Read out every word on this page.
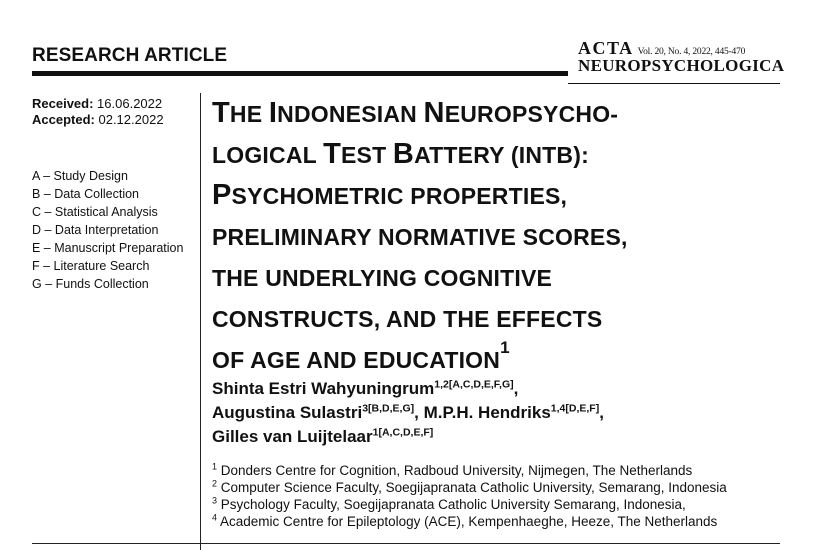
RESEARCH ARTICLE	ACTA Vol. 20, No. 4, 2022, 445-470
NEUROPSYCHOLOGICA
Received: 16.06.2022
Accepted: 02.12.2022
A – Study Design
B – Data Collection
C – Statistical Analysis
D – Data Interpretation
E – Manuscript Preparation
F – Literature Search
G – Funds Collection
THE INDONESIAN NEUROPSYCHO-
LOGICAL TEST BATTERY (INTB):
PSYCHOMETRIC PROPERTIES,
PRELIMINARY NORMATIVE SCORES,
THE UNDERLYING COGNITIVE
CONSTRUCTS, AND THE EFFECTS
OF AGE AND EDUCATION$^1$
Shinta Estri Wahyuningrum$^{1,2[A,C,D,E,F,G]}$,
Augustina Sulastri$^{3[B,D,E,G]}$, M.P.H. Hendriks$^{1,4[D,E,F]}$,
Gilles van Luijtelaar$^{1[A,C,D,E,F]}$
$^1$ Donders Centre for Cognition, Radboud University, Nijmegen, The Netherlands
$^2$ Computer Science Faculty, Soegijapranata Catholic University, Semarang, Indonesia
$^3$ Psychology Faculty, Soegijapranata Catholic University Semarang, Indonesia,
$^4$ Academic Centre for Epileptology (ACE), Kempenhaeghe, Heeze, The Netherlands
